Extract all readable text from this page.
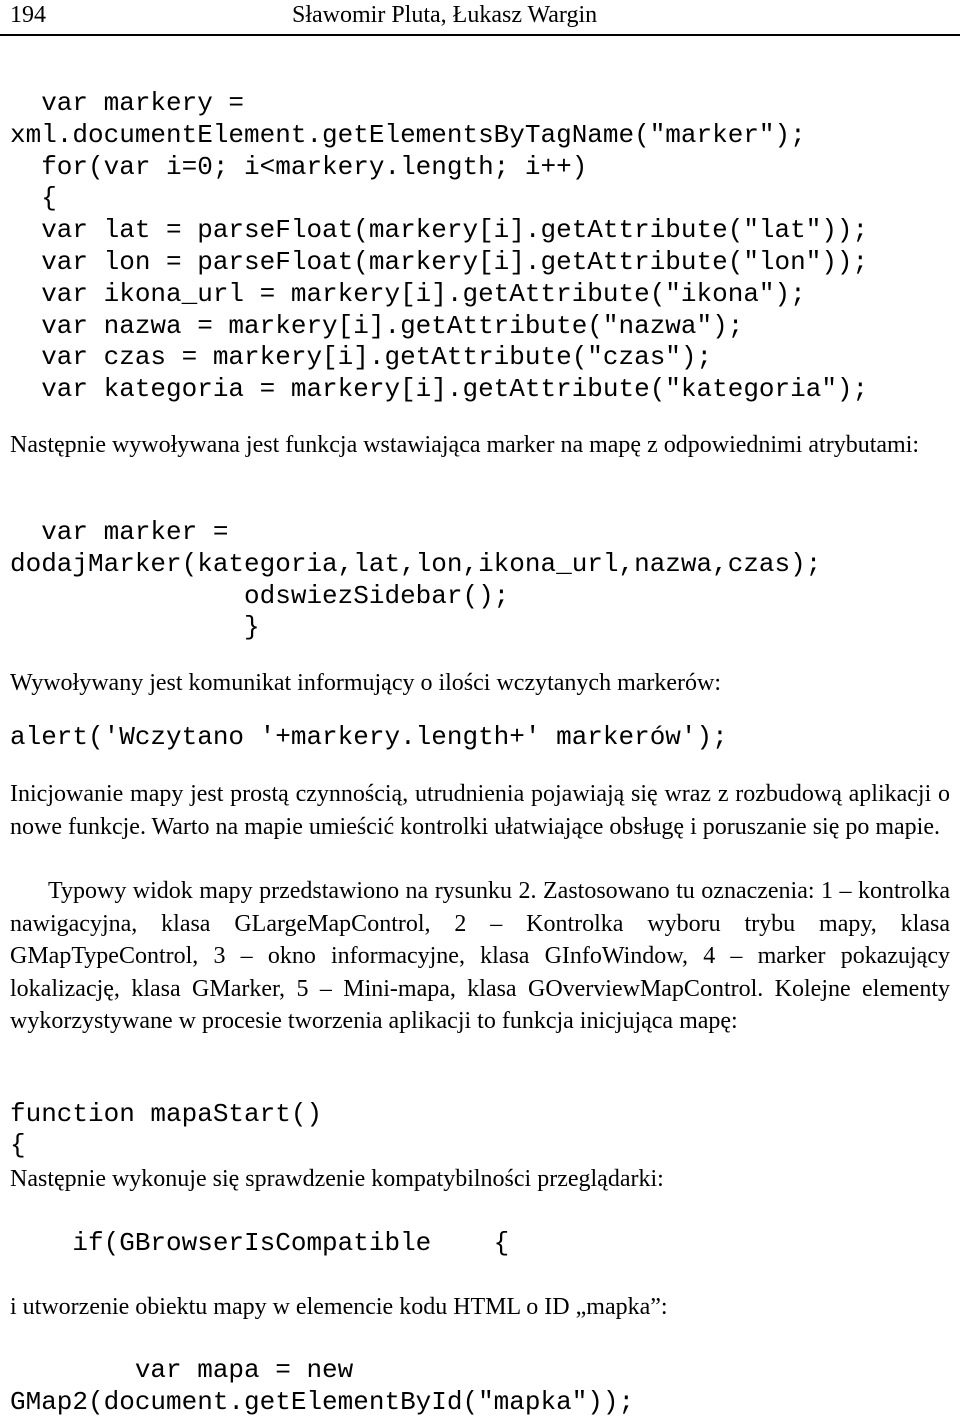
194	Sławomir Pluta, Łukasz Wargin
var markery =
xml.documentElement.getElementsByTagName("marker");
for(var i=0; i<markery.length; i++)
{
var lat = parseFloat(markery[i].getAttribute("lat"));
var lon = parseFloat(markery[i].getAttribute("lon"));
var ikona_url = markery[i].getAttribute("ikona");
var nazwa = markery[i].getAttribute("nazwa");
var czas = markery[i].getAttribute("czas");
var kategoria = markery[i].getAttribute("kategoria");

Następnie wywoływana jest funkcja wstawiająca marker na mapę z odpowiednimi atrybutami:

var marker =
dodajMarker(kategoria,lat,lon,ikona_url,nazwa,czas);
odswiezSidebar();
}

Wywoływany jest komunikat informujący o ilości wczytanych markerów:

alert('Wczytano '+markery.length+' markerów');

Inicjowanie mapy jest prostą czynnością, utrudnienia pojawiają się wraz z rozbudową aplikacji o nowe funkcje. Warto na mapie umieścić kontrolki ułatwiające obsługę i poruszanie się po mapie.

Typowy widok mapy przedstawiono na rysunku 2. Zastosowano tu oznaczenia: 1 – kontrolka nawigacyjna, klasa GLargeMapControl, 2 – Kontrolka wyboru trybu mapy, klasa GMapTypeControl, 3 – okno informacyjne, klasa GInfoWindow, 4 – marker pokazujący lokalizację, klasa GMarker, 5 – Mini-mapa, klasa GOverviewMapControl. Kolejne elementy wykorzystywane w procesie tworzenia aplikacji to funkcja inicjująca mapę:

function mapaStart()
{

Następnie wykonuje się sprawdzenie kompatybilności przeglądarki:

if(GBrowserIsCompatible    {

i utworzenie obiektu mapy w elemencie kodu HTML o ID „mapka”:

var mapa = new
GMap2(document.getElementById("mapka"));
